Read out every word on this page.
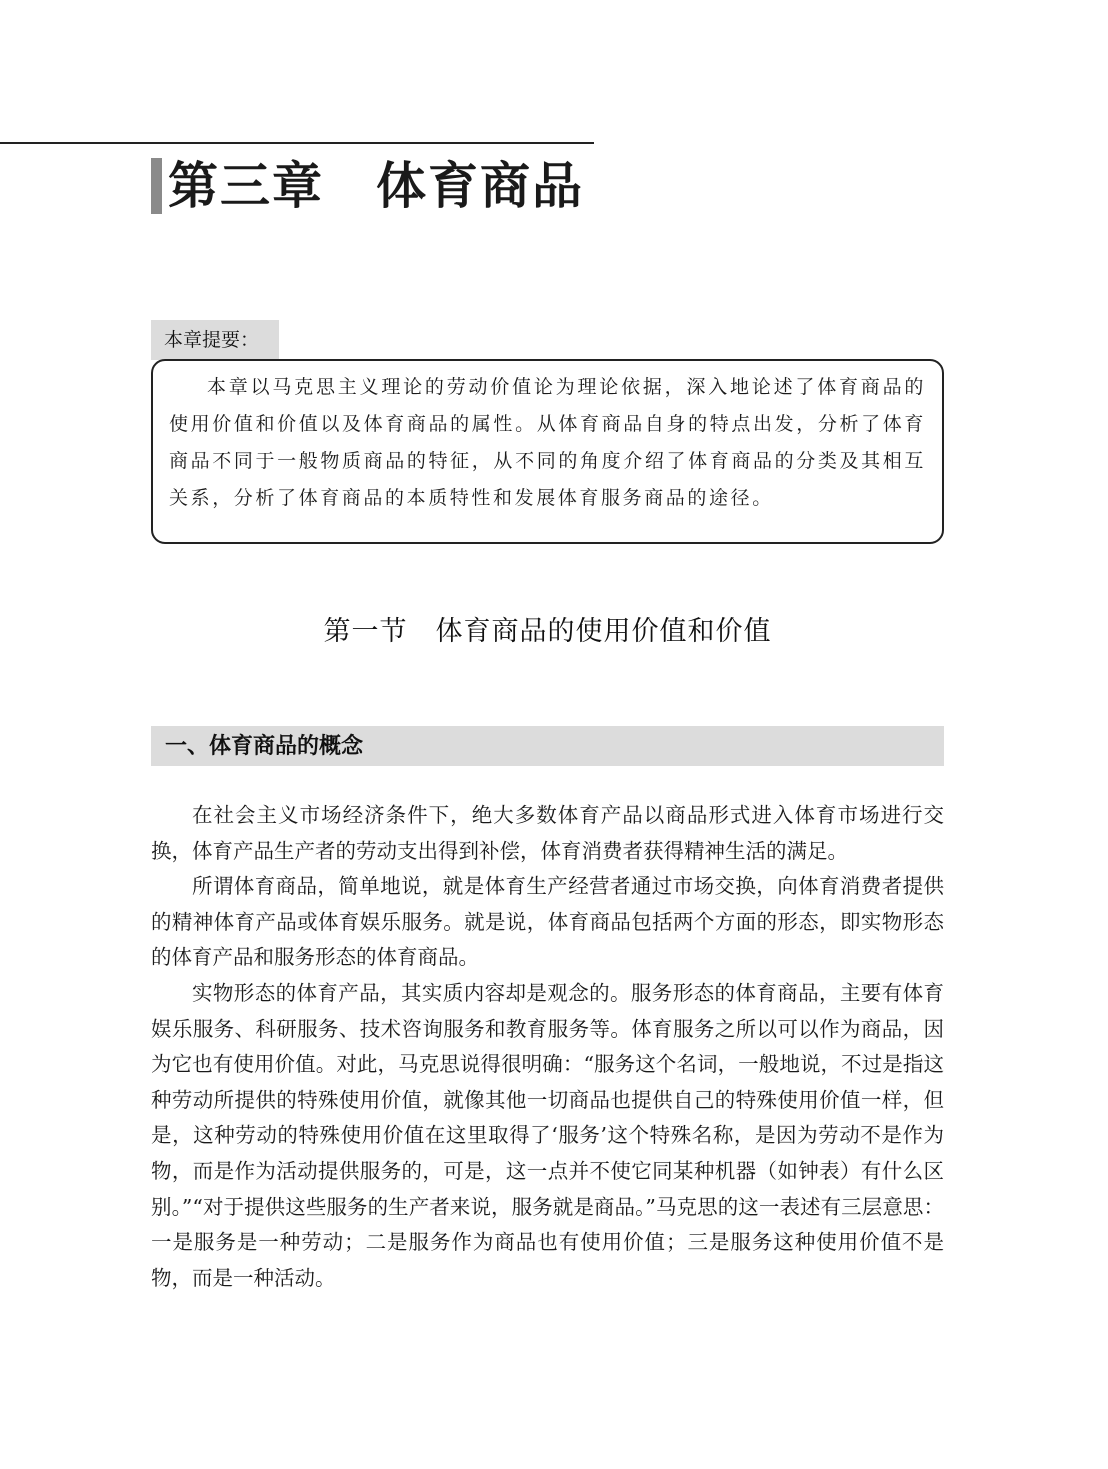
第三章　体育商品
本章提要：

本章以马克思主义理论的劳动价值论为理论依据，深入地论述了体育商品的使用价值和价值以及体育商品的属性。从体育商品自身的特点出发，分析了体育商品不同于一般物质商品的特征，从不同的角度介绍了体育商品的分类及其相互关系，分析了体育商品的本质特性和发展体育服务商品的途径。

第一节　体育商品的使用价值和价值
一、体育商品的概念

在社会主义市场经济条件下，绝大多数体育产品以商品形式进入体育市场进行交换，体育产品生产者的劳动支出得到补偿，体育消费者获得精神生活的满足。

所谓体育商品，简单地说，就是体育生产经营者通过市场交换，向体育消费者提供的精神体育产品或体育娱乐服务。就是说，体育商品包括两个方面的形态，即实物形态的体育产品和服务形态的体育商品。

实物形态的体育产品，其实质内容却是观念的。服务形态的体育商品，主要有体育娱乐服务、科研服务、技术咨询服务和教育服务等。体育服务之所以可以作为商品，因为它也有使用价值。对此，马克思说得很明确：“服务这个名词，一般地说，不过是指这种劳动所提供的特殊使用价值，就像其他一切商品也提供自己的特殊使用价值一样，但是，这种劳动的特殊使用价值在这里取得了‘服务’这个特殊名称，是因为劳动不是作为物，而是作为活动提供服务的，可是，这一点并不使它同某种机器（如钟表）有什么区别。”“对于提供这些服务的生产者来说，服务就是商品。”马克思的这一表述有三层意思：一是服务是一种劳动；二是服务作为商品也有使用价值；三是服务这种使用价值不是物，而是一种活动。
